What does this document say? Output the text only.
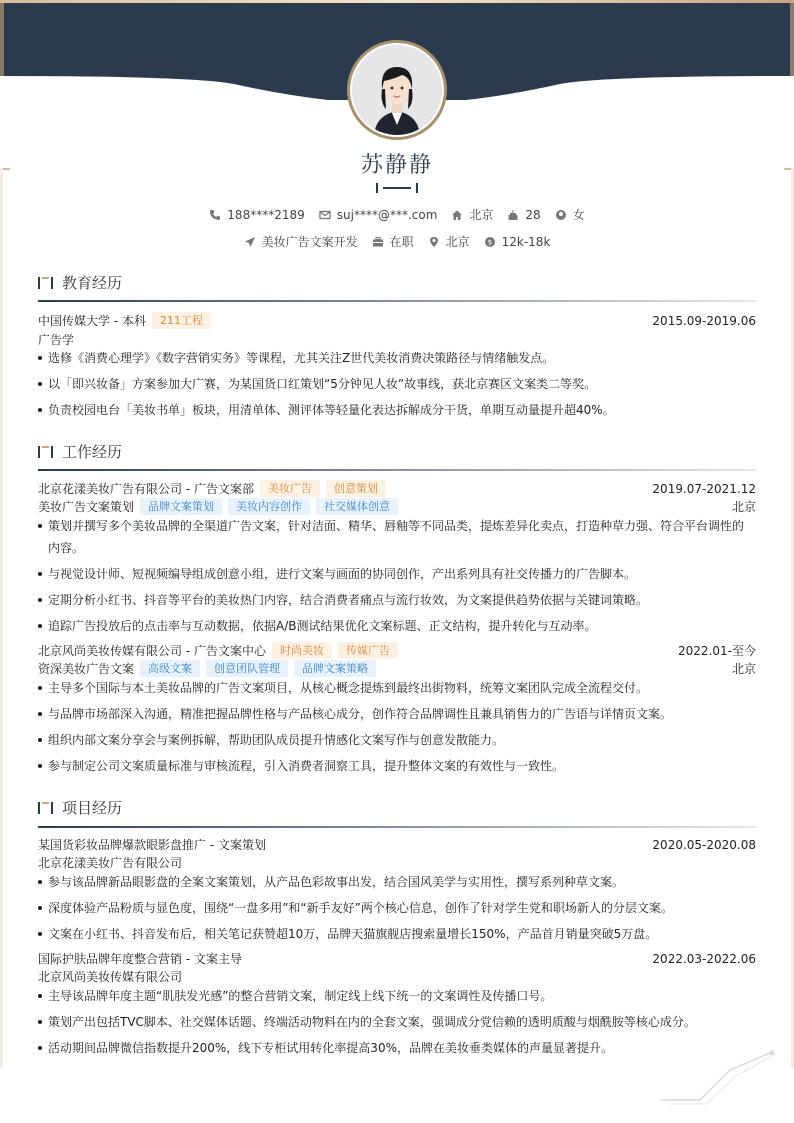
苏静静
188****2189	suj****@***.com	北京	28	女
美妆广告文案开发	在职	北京	$ 12k-18k
教育经历
中国传媒大学 - 本科	211工程	2015.09-2019.06
广告学
选修《消费心理学》《数字营销实务》等课程，尤其关注Z世代美妆消费决策路径与情绪触发点。
以「即兴妆备」方案参加大广赛，为某国货口红策划“5分钟见人妆”故事线，获北京赛区文案类二等奖。
负责校园电台「美妆书单」板块，用清单体、测评体等轻量化表达拆解成分干货，单期互动量提升超40%。
工作经历
北京花漾美妆广告有限公司 - 广告文案部	美妆广告	创意策划	2019.07-2021.12
美妆广告文案策划	品牌文案策划	美妆内容创作	社交媒体创意	北京
策划并撰写多个美妆品牌的全渠道广告文案，针对洁面、精华、唇釉等不同品类，提炼差异化卖点，打造种草力强、符合平台调性的
内容。
与视觉设计师、短视频编导组成创意小组，进行文案与画面的协同创作，产出系列具有社交传播力的广告脚本。
定期分析小红书、抖音等平台的美妆热门内容，结合消费者痛点与流行妆效，为文案提供趋势依据与关键词策略。
追踪广告投放后的点击率与互动数据，依据A/B测试结果优化文案标题、正文结构，提升转化与互动率。
北京风尚美妆传媒有限公司 - 广告文案中心	时尚美妆	传媒广告	2022.01-至今
资深美妆广告文案	高级文案	创意团队管理	品牌文案策略	北京
主导多个国际与本土美妆品牌的广告文案项目，从核心概念提炼到最终出街物料，统筹文案团队完成全流程交付。
与品牌市场部深入沟通，精准把握品牌性格与产品核心成分，创作符合品牌调性且兼具销售力的广告语与详情页文案。
组织内部文案分享会与案例拆解，帮助团队成员提升情感化文案写作与创意发散能力。
参与制定公司文案质量标准与审核流程，引入消费者洞察工具，提升整体文案的有效性与一致性。
项目经历
某国货彩妆品牌爆款眼影盘推广 - 文案策划	2020.05-2020.08
北京花漾美妆广告有限公司
参与该品牌新品眼影盘的全案文案策划，从产品色彩故事出发，结合国风美学与实用性，撰写系列种草文案。
深度体验产品粉质与显色度，围绕“一盘多用”和“新手友好”两个核心信息，创作了针对学生党和职场新人的分层文案。
文案在小红书、抖音发布后，相关笔记获赞超10万，品牌天猫旗舰店搜索量增长150%，产品首月销量突破5万盘。
国际护肤品牌年度整合营销 - 文案主导	2022.03-2022.06
北京风尚美妆传媒有限公司
主导该品牌年度主题“肌肤发光感”的整合营销文案，制定线上线下统一的文案调性及传播口号。
策划产出包括TVC脚本、社交媒体话题、终端活动物料在内的全套文案，强调成分党信赖的透明质酸与烟酰胺等核心成分。
活动期间品牌微信指数提升200%，线下专柜试用转化率提高30%，品牌在美妆垂类媒体的声量显著提升。
